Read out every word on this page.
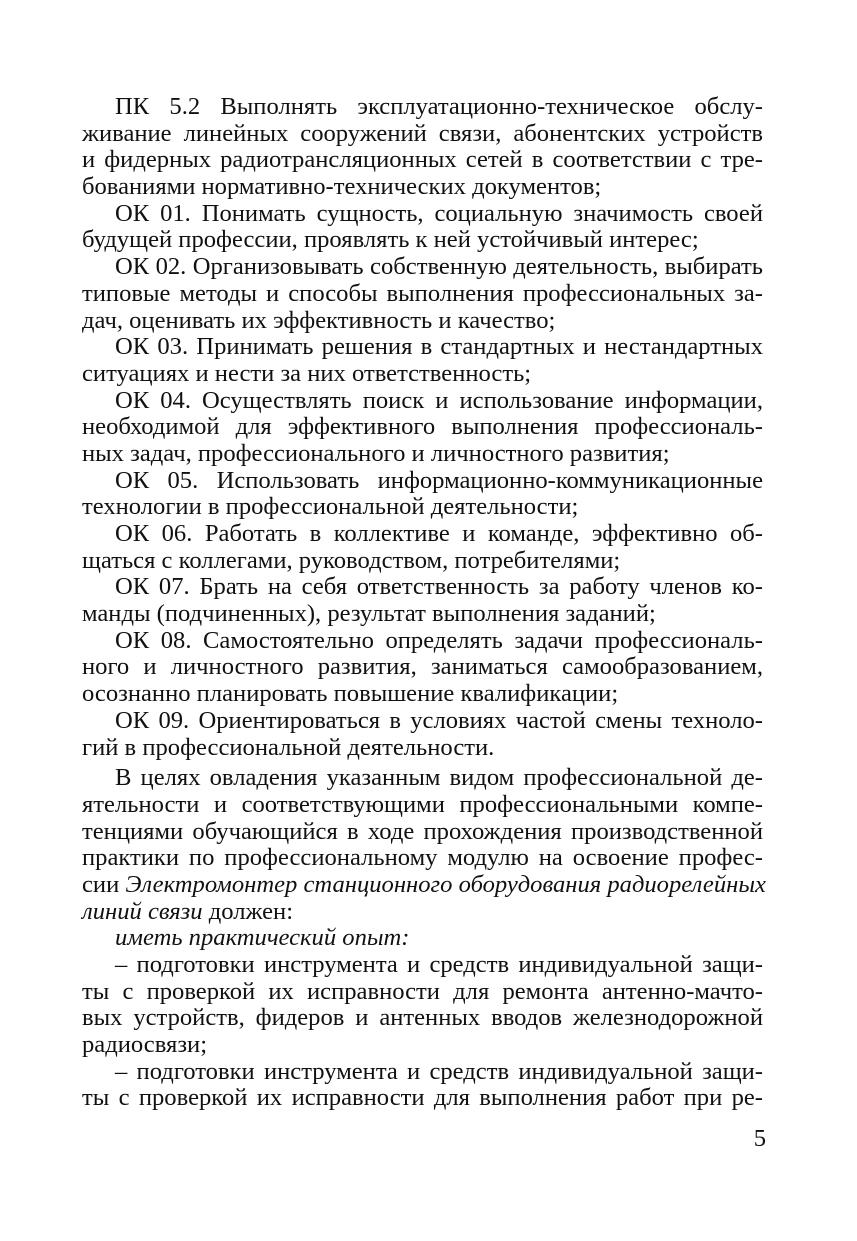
ПК 5.2 Выполнять эксплуатационно-техническое обслу-
живание линейных сооружений связи, абонентских устройств
и фидерных радиотрансляционных сетей в соответствии с тре-
бованиями нормативно-технических документов;
ОК 01. Понимать сущность, социальную значимость своей
будущей профессии, проявлять к ней устойчивый интерес;
ОК 02. Организовывать собственную деятельность, выбирать
типовые методы и способы выполнения профессиональных за-
дач, оценивать их эффективность и качество;
ОК 03. Принимать решения в стандартных и нестандартных
ситуациях и нести за них ответственность;
ОК 04. Осуществлять поиск и использование информации,
необходимой для эффективного выполнения профессиональ-
ных задач, профессионального и личностного развития;
ОК 05. Использовать информационно-коммуникационные
технологии в профессиональной деятельности;
ОК 06. Работать в коллективе и команде, эффективно об-
щаться с коллегами, руководством, потребителями;
ОК 07. Брать на себя ответственность за работу членов ко-
манды (подчиненных), результат выполнения заданий;
ОК 08. Самостоятельно определять задачи профессиональ-
ного и личностного развития, заниматься самообразованием,
осознанно планировать повышение квалификации;
ОК 09. Ориентироваться в условиях частой смены техноло-
гий в профессиональной деятельности.
В целях овладения указанным видом профессиональной де-
ятельности и соответствующими профессиональными компе-
тенциями обучающийся в ходе прохождения производственной
практики по профессиональному модулю на освоение профес-
сии Электромонтер станционного оборудования радиорелейных
линий связи должен:
иметь практический опыт:
– подготовки инструмента и средств индивидуальной защи-
ты с проверкой их исправности для ремонта антенно-мачто-
вых устройств, фидеров и антенных вводов железнодорожной
радиосвязи;
– подготовки инструмента и средств индивидуальной защи-
ты с проверкой их исправности для выполнения работ при ре-
5
